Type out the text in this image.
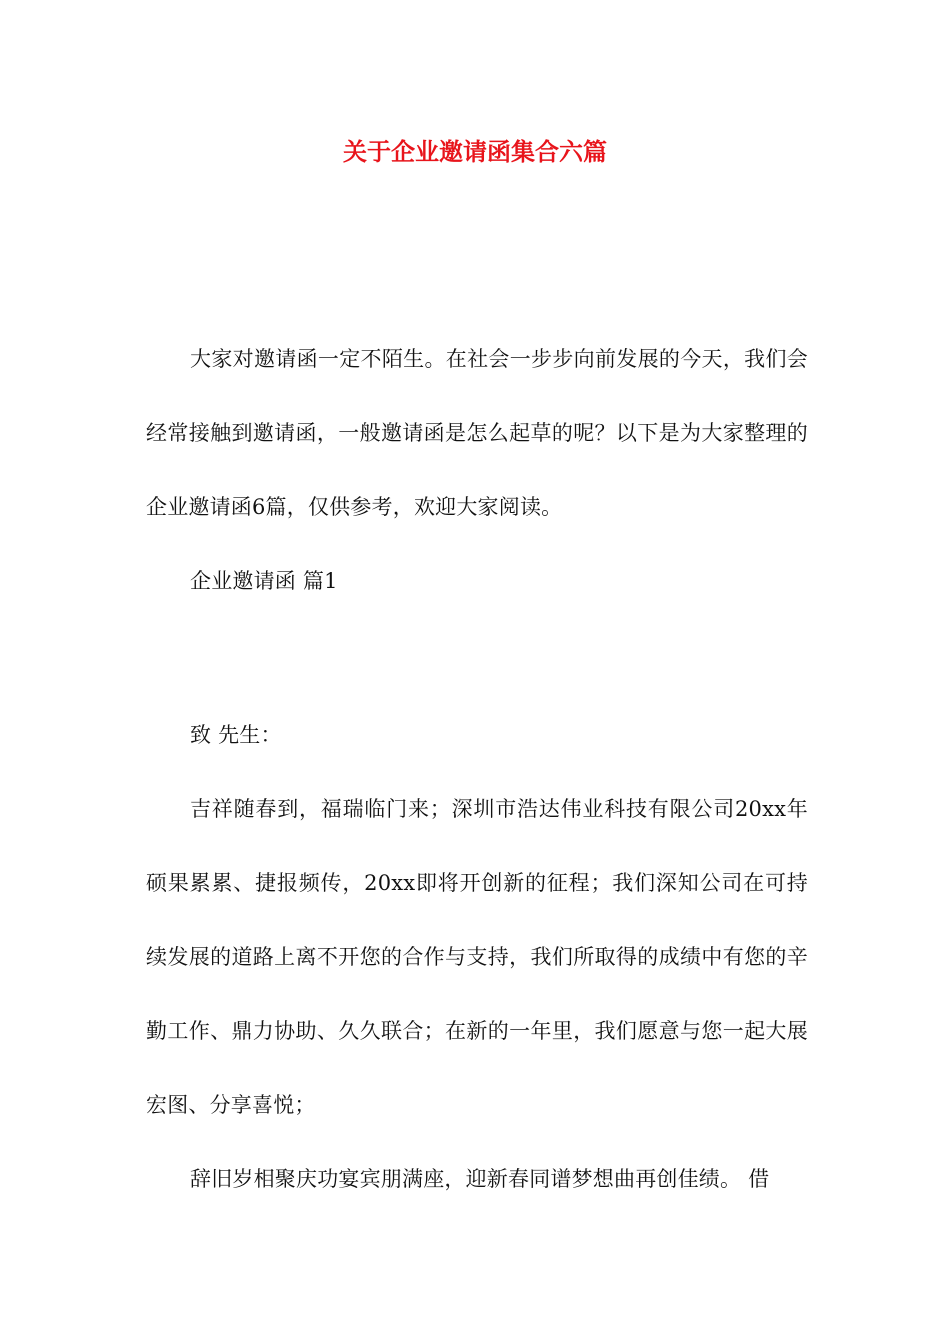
关于企业邀请函集合六篇

大家对邀请函一定不陌生。在社会一步步向前发展的今天，我们会经常接触到邀请函，一般邀请函是怎么起草的呢？以下是为大家整理的企业邀请函6篇，仅供参考，欢迎大家阅读。

企业邀请函 篇1

致 先生：

吉祥随春到，福瑞临门来；深圳市浩达伟业科技有限公司20xx年硕果累累、捷报频传，20xx即将开创新的征程；我们深知公司在可持续发展的道路上离不开您的合作与支持，我们所取得的成绩中有您的辛勤工作、鼎力协助、久久联合；在新的一年里，我们愿意与您一起大展宏图、分享喜悦；

辞旧岁相聚庆功宴宾朋满座，迎新春同谱梦想曲再创佳绩。 借
